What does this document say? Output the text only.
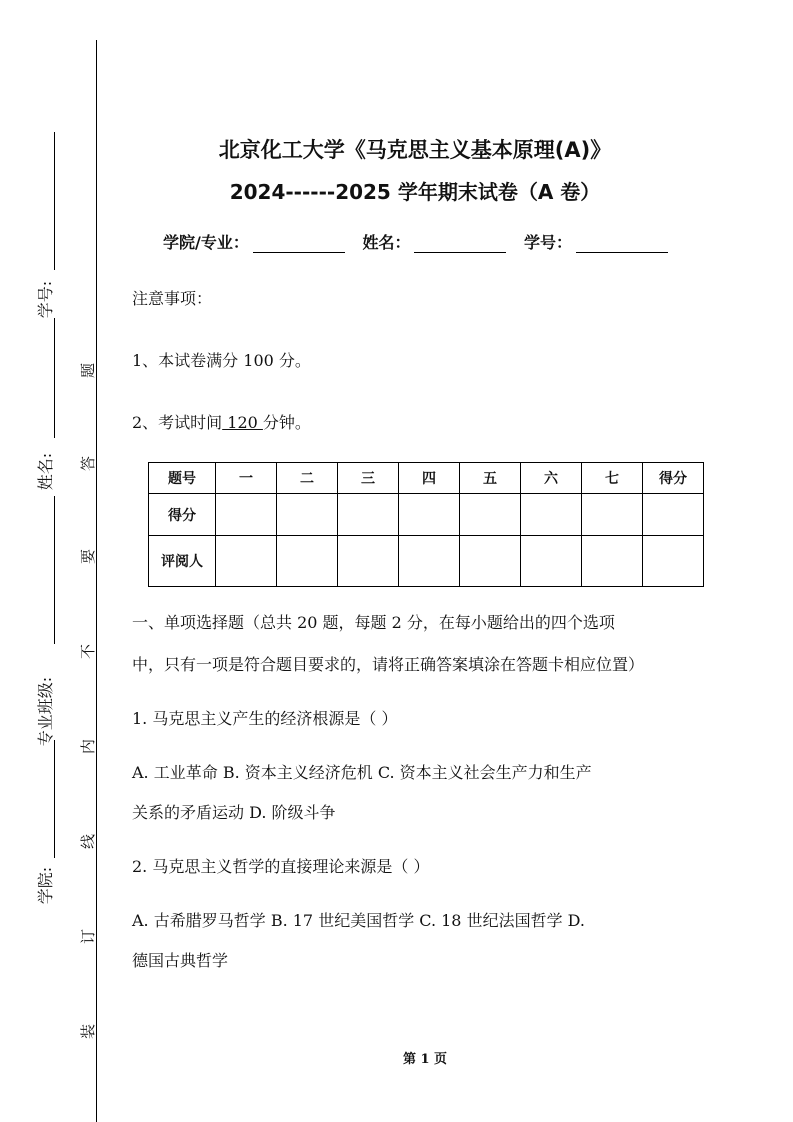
学号:
姓名:
专业班级:
学院:
题
答
要
不
内
线
订
装
北京化工大学《马克思主义基本原理(A)》
2024------2025 学年期末试卷（A 卷）
学院/专业：	姓名：	学号：
注意事项：
1、本试卷满分 100 分。
2、考试时间 120 分钟。
题号	一	二	三	四	五	六	七	得分
得分								
评阅人								
一、单项选择题（总共 20 题，每题 2 分，在每小题给出的四个选项
中，只有一项是符合题目要求的，请将正确答案填涂在答题卡相应位置）
1. 马克思主义产生的经济根源是（ ）
A. 工业革命 B. 资本主义经济危机 C. 资本主义社会生产力和生产
关系的矛盾运动 D. 阶级斗争
2. 马克思主义哲学的直接理论来源是（ ）
A. 古希腊罗马哲学 B. 17 世纪美国哲学 C. 18 世纪法国哲学 D.
德国古典哲学
第 1 页
